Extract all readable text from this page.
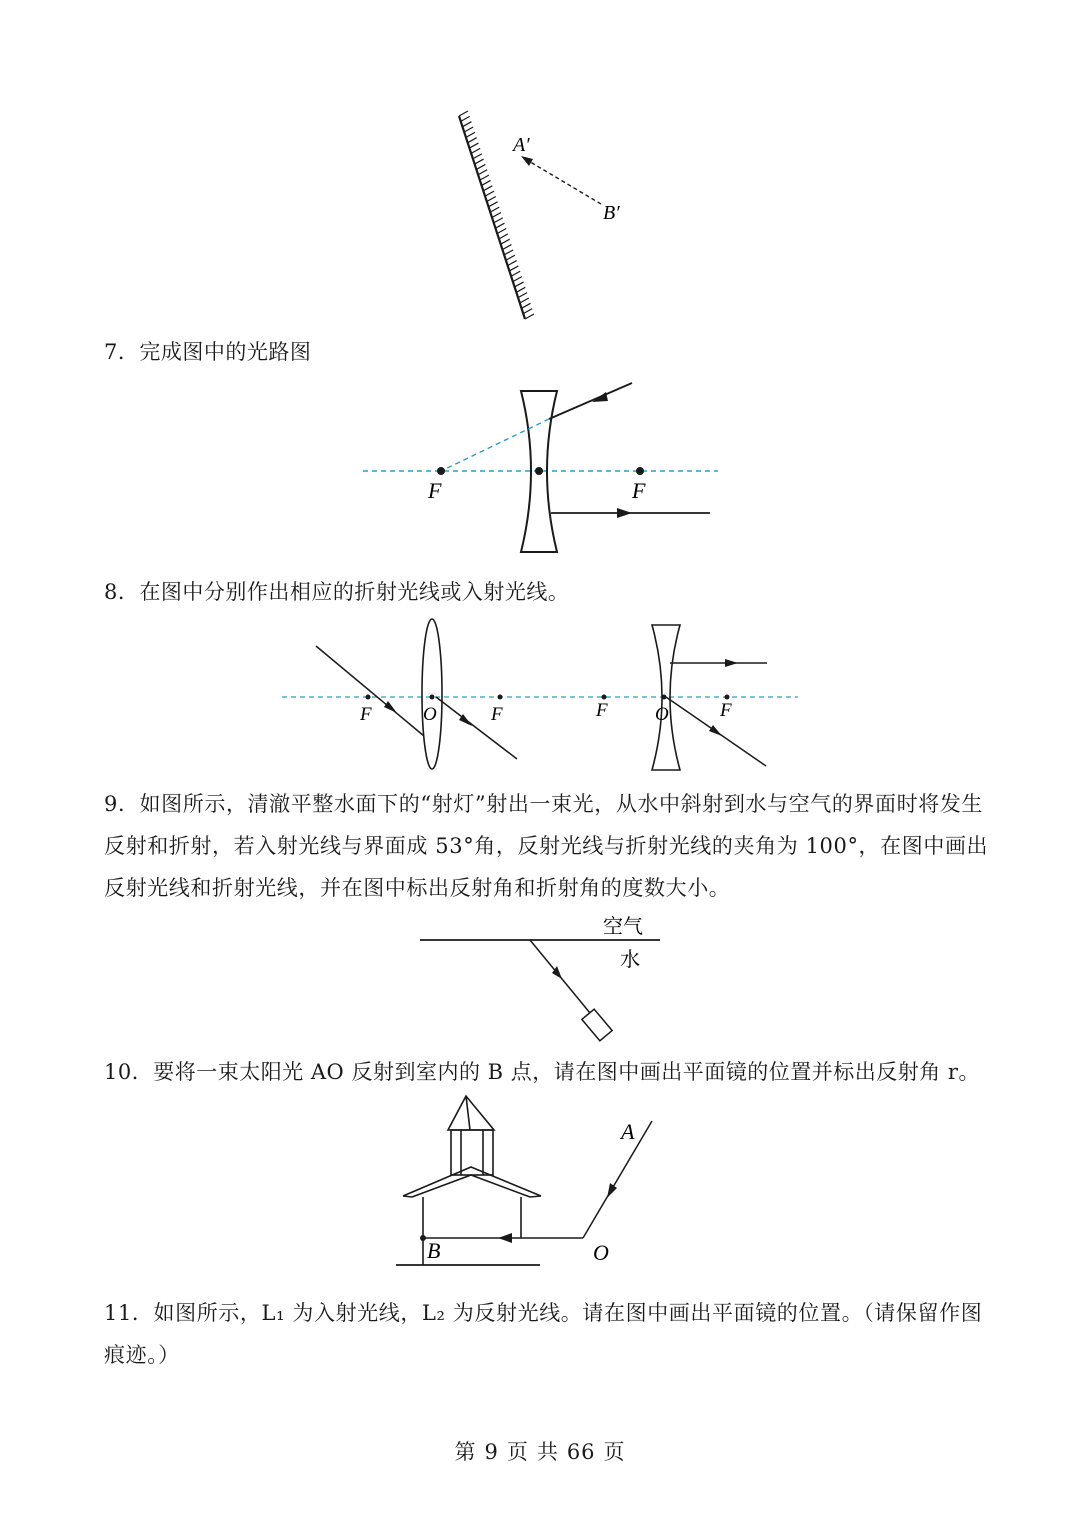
A′
B′
7．完成图中的光路图
F	F
8．在图中分别作出相应的折射光线或入射光线。
F	O	F	F O	F
9．如图所示，清澈平整水面下的“射灯”射出一束光，从水中斜射到水与空气的界面时将发生
反射和折射，若入射光线与界面成 53°角，反射光线与折射光线的夹角为 100°，在图中画出
反射光线和折射光线，并在图中标出反射角和折射角的度数大小。
空气
水
10．要将一束太阳光 AO 反射到室内的 B 点，请在图中画出平面镜的位置并标出反射角 r。
A
B	O
11．如图所示，L₁ 为入射光线，L₂ 为反射光线。请在图中画出平面镜的位置。（请保留作图
痕迹。）
第 9 页 共 66 页
